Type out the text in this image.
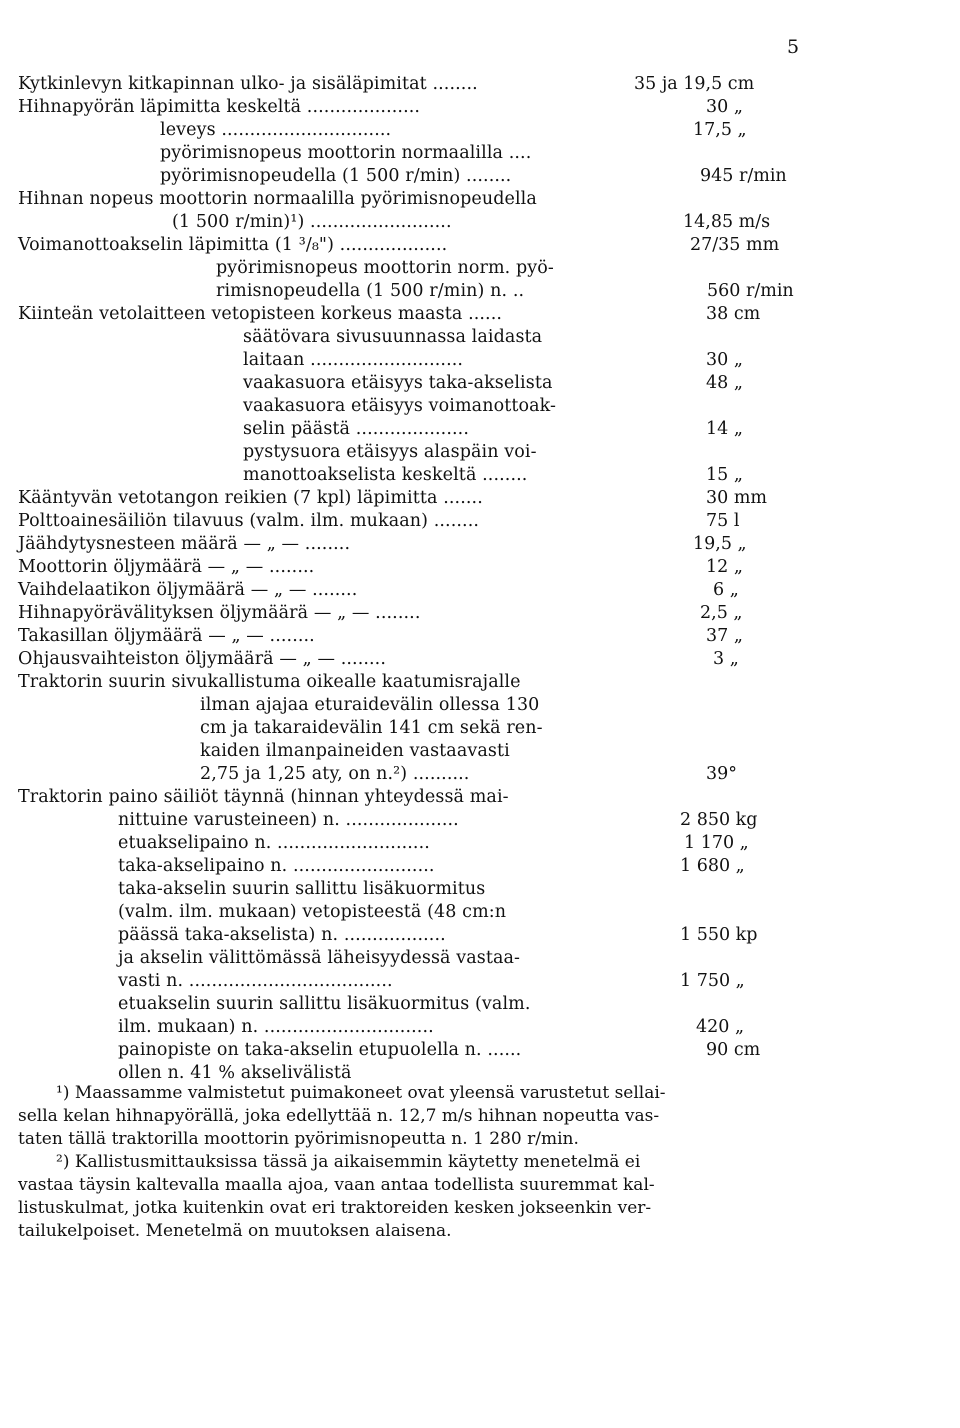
5
Kytkinlevyn kitkapinnan ulko- ja sisäläpimitat ........	35 ja 19,5 cm
Hihnapyörän läpimitta keskeltä ....................	30 „
leveys ..............................	17,5 „
pyörimisnopeus moottorin normaalilla ....
pyörimisnopeudella (1 500 r/min) ........	945 r/min
Hihnan nopeus moottorin normaalilla pyörimisnopeudella
(1 500 r/min)¹) .........................	14,85 m/s
Voimanottoakselin läpimitta (1 ³/₈") ...................	27/35 mm
pyörimisnopeus moottorin norm. pyö-
rimisnopeudella (1 500 r/min) n. ..	560 r/min
Kiinteän vetolaitteen vetopisteen korkeus maasta ......	38 cm
säätövara sivusuunnassa laidasta
laitaan ...........................	30 „
vaakasuora etäisyys taka-akselista	48 „
vaakasuora etäisyys voimanottoak-
selin päästä ....................	14 „
pystysuora etäisyys alaspäin voi-
manottoakselista keskeltä ........	15 „
Kääntyvän vetotangon reikien (7 kpl) läpimitta .......	30 mm
Polttoainesäiliön tilavuus (valm. ilm. mukaan) ........	75 l
Jäähdytysnesteen määrä — „ — ........	19,5 „
Moottorin öljymäärä — „ — ........	12 „
Vaihdelaatikon öljymäärä — „ — ........	6 „
Hihnapyörävälityksen öljymäärä — „ — ........	2,5 „
Takasillan öljymäärä — „ — ........	37 „
Ohjausvaihteiston öljymäärä — „ — ........	3 „
Traktorin suurin sivukallistuma oikealle kaatumisrajalle
ilman ajajaa eturaidevälin ollessa 130
cm ja takaraidevälin 141 cm sekä ren-
kaiden ilmanpaineiden vastaavasti
2,75 ja 1,25 aty, on n.²) ..........	39°
Traktorin paino säiliöt täynnä (hinnan yhteydessä mai-
nittuine varusteineen) n. ....................	2 850 kg
etuakselipaino n. ...........................	1 170 „
taka-akselipaino n. .........................	1 680 „
taka-akselin suurin sallittu lisäkuormitus
(valm. ilm. mukaan) vetopisteestä (48 cm:n
päässä taka-akselista) n. ..................	1 550 kp
ja akselin välittömässä läheisyydessä vastaa-
vasti n. ....................................	1 750 „
etuakselin suurin sallittu lisäkuormitus (valm.
ilm. mukaan) n. ..............................	420 „
painopiste on taka-akselin etupuolella n. ......	90 cm
ollen n. 41 % akselivälistä
¹) Maassamme valmistetut puimakoneet ovat yleensä varustetut sellai-
sella kelan hihnapyörällä, joka edellyttää n. 12,7 m/s hihnan nopeutta vas-
taten tällä traktorilla moottorin pyörimisnopeutta n. 1 280 r/min.
²) Kallistusmittauksissa tässä ja aikaisemmin käytetty menetelmä ei
vastaa täysin kaltevalla maalla ajoa, vaan antaa todellista suuremmat kal-
listuskulmat, jotka kuitenkin ovat eri traktoreiden kesken jokseenkin ver-
tailukelpoiset. Menetelmä on muutoksen alaisena.
